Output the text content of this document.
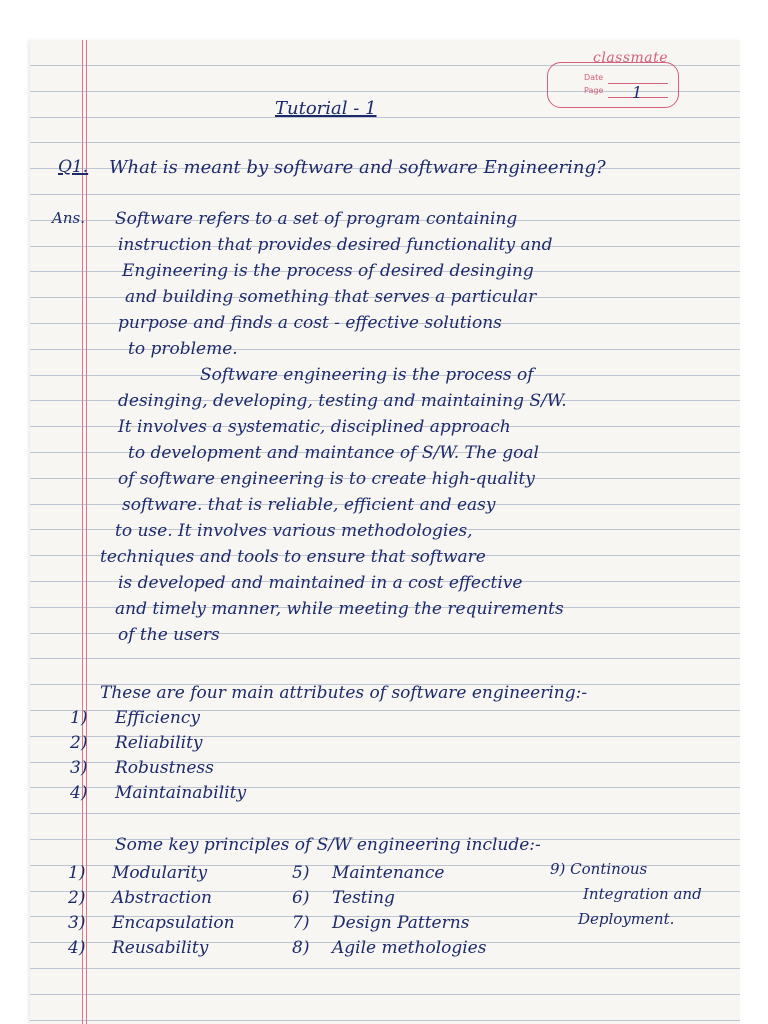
classmate
Date
Page 1
Tutorial - 1
Q1. What is meant by software and software Engineering?
Ans. Software refers to a set of program containing
instruction that provides desired functionality and
Engineering is the process of desired desinging
and building something that serves a particular
purpose and finds a cost - effective solutions
to probleme.
Software engineering is the process of
desinging, developing, testing and maintaining S/W.
It involves a systematic, disciplined approach
to development and maintance of S/W. The goal
of software engineering is to create high-quality
software. that is reliable, efficient and easy
to use. It involves various methodologies,
techniques and tools to ensure that software
is developed and maintained in a cost effective
and timely manner, while meeting the requirements
of the users
These are four main attributes of software engineering:-
1) Efficiency
2) Reliability
3) Robustness
4) Maintainability
Some key principles of S/W engineering include:-
1) Modularity
2) Abstraction
3) Encapsulation
4) Reusability
5) Maintenance
6) Testing
7) Design Patterns
8) Agile methologies
9) Continous
Integration and
Deployment.
